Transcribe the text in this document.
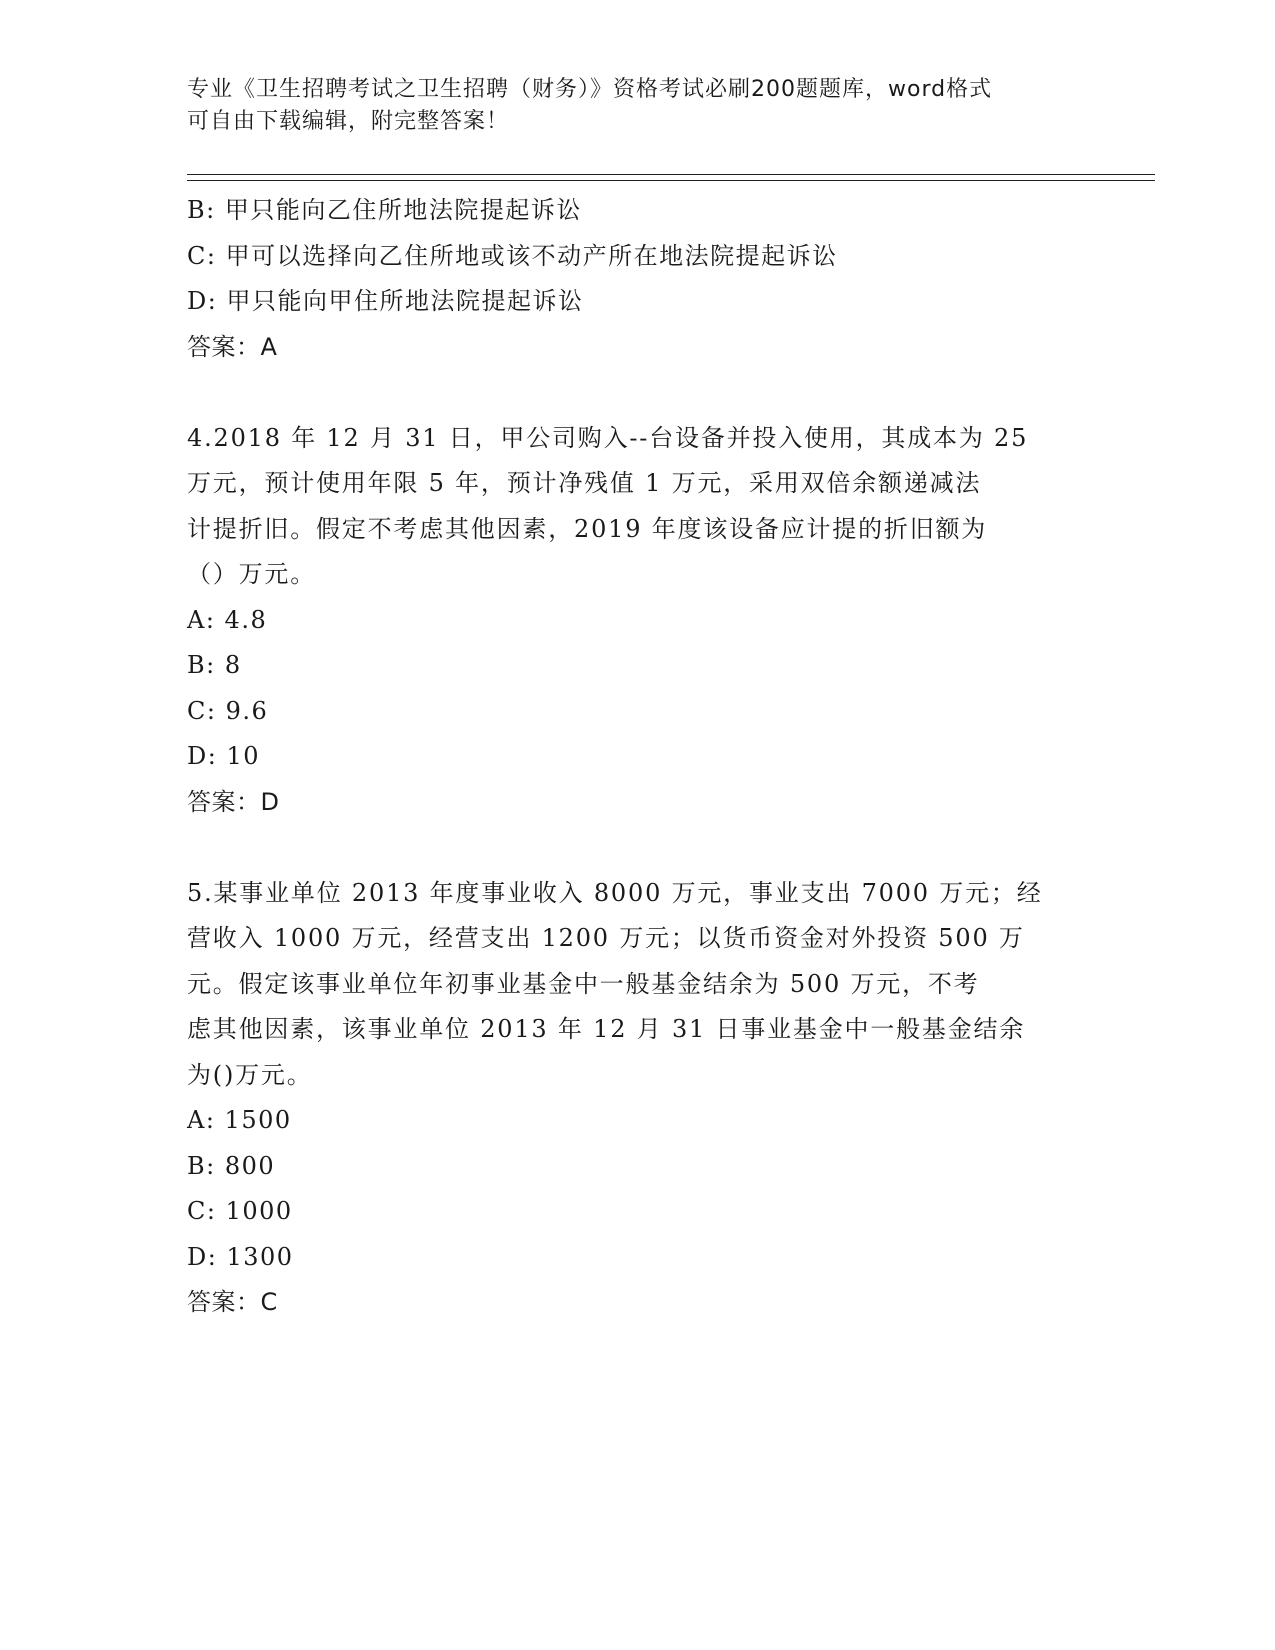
专业《卫生招聘考试之卫生招聘（财务）》资格考试必刷200题题库，word格式
可自由下载编辑，附完整答案！
B: 甲只能向乙住所地法院提起诉讼
C: 甲可以选择向乙住所地或该不动产所在地法院提起诉讼
D: 甲只能向甲住所地法院提起诉讼
答案：A
4.2018 年 12 月 31 日，甲公司购入--台设备并投入使用，其成本为 25
万元，预计使用年限 5 年，预计净残值 1 万元，采用双倍余额递减法
计提折旧。假定不考虑其他因素，2019 年度该设备应计提的折旧额为
（）万元。
A: 4.8
B: 8
C: 9.6
D: 10
答案：D
5.某事业单位 2013 年度事业收入 8000 万元，事业支出 7000 万元；经
营收入 1000 万元，经营支出 1200 万元；以货币资金对外投资 500 万
元。假定该事业单位年初事业基金中一般基金结余为 500 万元，不考
虑其他因素，该事业单位 2013 年 12 月 31 日事业基金中一般基金结余
为()万元。
A: 1500
B: 800
C: 1000
D: 1300
答案：C
